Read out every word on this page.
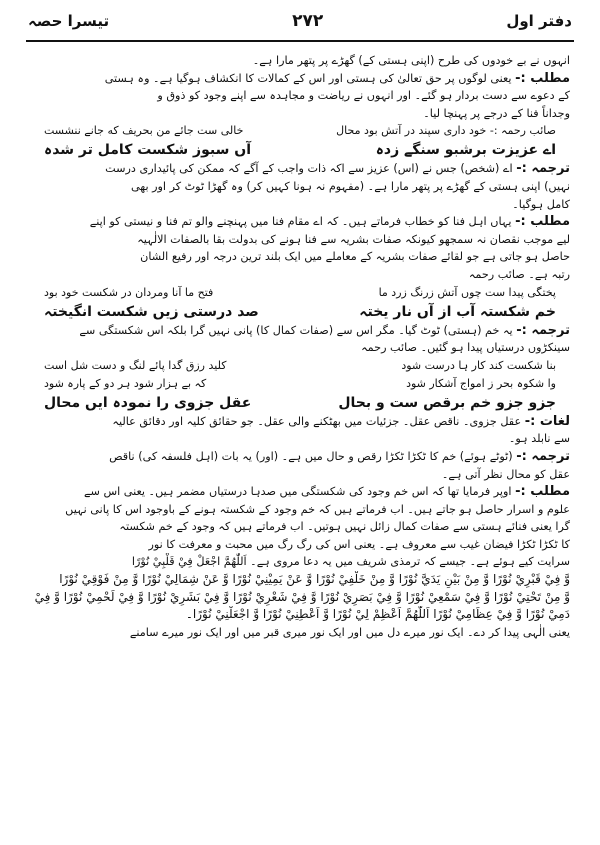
دفتر اول
۲۷۲
تیسرا حصہ
انہوں نے بے خودوں کی طرح (اپنی ہستی کے) گھڑے پر پتھر مارا ہے۔
مطلب :- یعنی لوگوں پر حق تعالیٰ کی ہستی اور اس کے کمالات کا انکشاف ہوگیا ہے۔ وہ ہستی
کے دعوے سے دست بردار ہو گئے۔ اور انہوں نے ریاضت و مجاہدہ سے اپنے وجود کو ذوق و
وجداناً فنا کے درجے پر پہنچا لیا۔
صائب رحمہ :- خود داری سپند در آتش بود محال
خالی ست جائے من بحریف که جانے ننشست
اے عزیزت برشبو سنگے زدہ
آں سبوز شکست کامل تر شدہ
ترجمہ :- اے (شخص) جس نے (اس) عزیز سے اکہ ذات واجب کے آگے کہ ممکن کی پائیداری درست
نہیں) اپنی ہستی کے گھڑے پر پتھر مارا ہے۔ (مفہوم نہ ہونا کہیں کر) وہ گھڑا ٹوٹ کر اور بھی
کامل ہوگیا۔
مطلب :- یہاں اہل فنا کو خطاب فرماتے ہیں۔ کہ اے مقام فنا میں پہنچنے والو تم فنا و نیستی کو اپنے
لیے موجب نقصان نہ سمجھو کیونکہ صفات بشریہ سے فنا ہونے کی بدولت بقا بالصفات الالٰہیہ
حاصل ہو جاتی ہے جو لقائے صفات بشریہ کے معاملے میں ایک بلند ترین درجہ اور رفیع الشان
رتبہ ہے۔ صائب رحمہ
پختگی پیدا ست چوں آتش زرنگ زرد ما
فتح ما آنا ومردان در شکست خود بود
خم شکستہ آب از آں نار یختہ
صد درستی زیں شکست انگیختہ
ترجمہ :- یہ خم (ہستی) ٹوٹ گیا۔ مگر اس سے (صفات کمال کا) پانی نہیں گرا بلکہ اس شکستگی سے
سینکڑوں درستیاں پیدا ہو گئیں۔ صائب رحمہ
بنا شکست کند کار ہا درست شود
کلید رزق گدا پائے لنگ و دست شل است
وا شکوہ بحر ز امواج آشکار شود
کہ بے ہزار شود ہر دو کے پارہ شود
جزو جزو خم برقص ست و بحال
عقل جزوی را نمودہ ایں محال
لغات :- عقل جزوی۔ ناقص عقل۔ جزئیات میں بھٹکنے والی عقل۔ جو حقائق کلیہ اور دقائق عالیہ
سے نابلد ہو۔
ترجمہ :- (ٹوٹے ہوئے) خم کا ٹکڑا ٹکڑا رقص و حال میں ہے۔ (اور) یہ بات (اہل فلسفہ کی) ناقص
عقل کو محال نظر آتی ہے۔
مطلب :- اوپر فرمایا تھا کہ اس خم وجود کی شکستگی میں صدہا درستیاں مضمر ہیں۔ یعنی اس سے
علوم و اسرار حاصل ہو جاتے ہیں۔ اب فرماتے ہیں کہ خم وجود کے شکستہ ہونے کے باوجود اس کا پانی نہیں
گرا یعنی فنائے ہستی سے صفات کمال زائل نہیں ہوتیں۔ اب فرماتے ہیں کہ وجود کے خم شکستہ
کا ٹکڑا ٹکڑا فیضان غیب سے معروف ہے۔ یعنی اس کی رگ رگ میں محبت و معرفت کا نور
سرایت کیے ہوئے ہے۔ جیسے کہ ترمذی شریف میں یہ دعا مروی ہے۔ اَللّٰهُمَّ اجْعَلْ فِيْ قَلْبِيْ نُوْرًا
وَّ فِيْ قَبْرِيْ نُوْرًا وَّ مِنْ بَيْنِ يَدَيَّ نُوْرًا وَّ مِنْ خَلْفِيْ نُوْرًا وَّ عَنْ يَمِيْنِيْ نُوْرًا وَّ عَنْ شِمَالِيْ نُوْرًا وَّ مِنْ فَوْقِيْ نُوْرًا
وَّ مِنْ تَحْتِيْ نُوْرًا وَّ فِيْ سَمْعِيْ نُوْرًا وَّ فِيْ بَصَرِيْ نُوْرًا وَّ فِيْ شَعْرِيْ نُوْرًا وَّ فِيْ بَشَرِيْ نُوْرًا وَّ فِيْ لَحْمِيْ نُوْرًا وَّ فِيْ
دَمِيْ نُوْرًا وَّ فِيْ عِظَامِيْ نُوْرًا اَللّٰهُمَّ اَعْظِمْ لِيْ نُوْرًا وَّ اَعْطِنِيْ نُوْرًا وَّ اجْعَلْنِيْ نُوْرًا۔
یعنی الٰہی پیدا کر دے۔ ایک نور میرے دل میں اور ایک نور میری قبر میں اور ایک نور میرے سامنے
